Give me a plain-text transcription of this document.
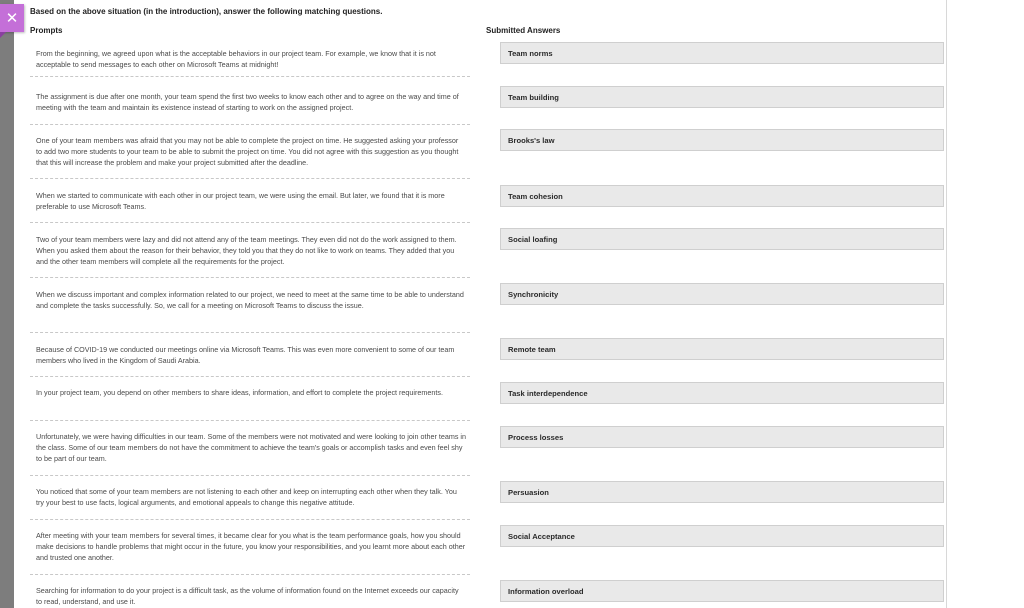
✕ Based on the above situation (in the introduction), answer the following matching questions.
Prompts	Submitted Answers
From the beginning, we agreed upon what is the acceptable behaviors in our project team. For example, we know that it is not acceptable to send messages to each other on Microsoft Teams at midnight!
Team norms
The assignment is due after one month, your team spend the first two weeks to know each other and to agree on the way and time of meeting with the team and maintain its existence instead of starting to work on the assigned project.
Team building
One of your team members was afraid that you may not be able to complete the project on time. He suggested asking your professor to add two more students to your team to be able to submit the project on time. You did not agree with this suggestion as you thought that this will increase the problem and make your project submitted after the deadline.
Brooks's law
When we started to communicate with each other in our project team, we were using the email. But later, we found that it is more preferable to use Microsoft Teams.
Team cohesion
Two of your team members were lazy and did not attend any of the team meetings. They even did not do the work assigned to them. When you asked them about the reason for their behavior, they told you that they do not like to work on teams. They added that you and the other team members will complete all the requirements for the project.
Social loafing
When we discuss important and complex information related to our project, we need to meet at the same time to be able to understand and complete the tasks successfully. So, we call for a meeting on Microsoft Teams to discuss the issue.
Synchronicity
Because of COVID-19 we conducted our meetings online via Microsoft Teams. This was even more convenient to some of our team members who lived in the Kingdom of Saudi Arabia.
Remote team
In your project team, you depend on other members to share ideas, information, and effort to complete the project requirements.	Task interdependence
Unfortunately, we were having difficulties in our team. Some of the members were not motivated and were looking to join other teams in the class. Some of our team members do not have the commitment to achieve the team's goals or accomplish tasks and even feel shy to be part of our team.
Process losses
You noticed that some of your team members are not listening to each other and keep on interrupting each other when they talk. You try your best to use facts, logical arguments, and emotional appeals to change this negative attitude.
Persuasion
After meeting with your team members for several times, it became clear for you what is the team performance goals, how you should make decisions to handle problems that might occur in the future, you know your responsibilities, and you learnt more about each other and trusted one another.
Social Acceptance
Searching for information to do your project is a difficult task, as the volume of information found on the Internet exceeds our capacity to read, understand, and use it.
Information overload
